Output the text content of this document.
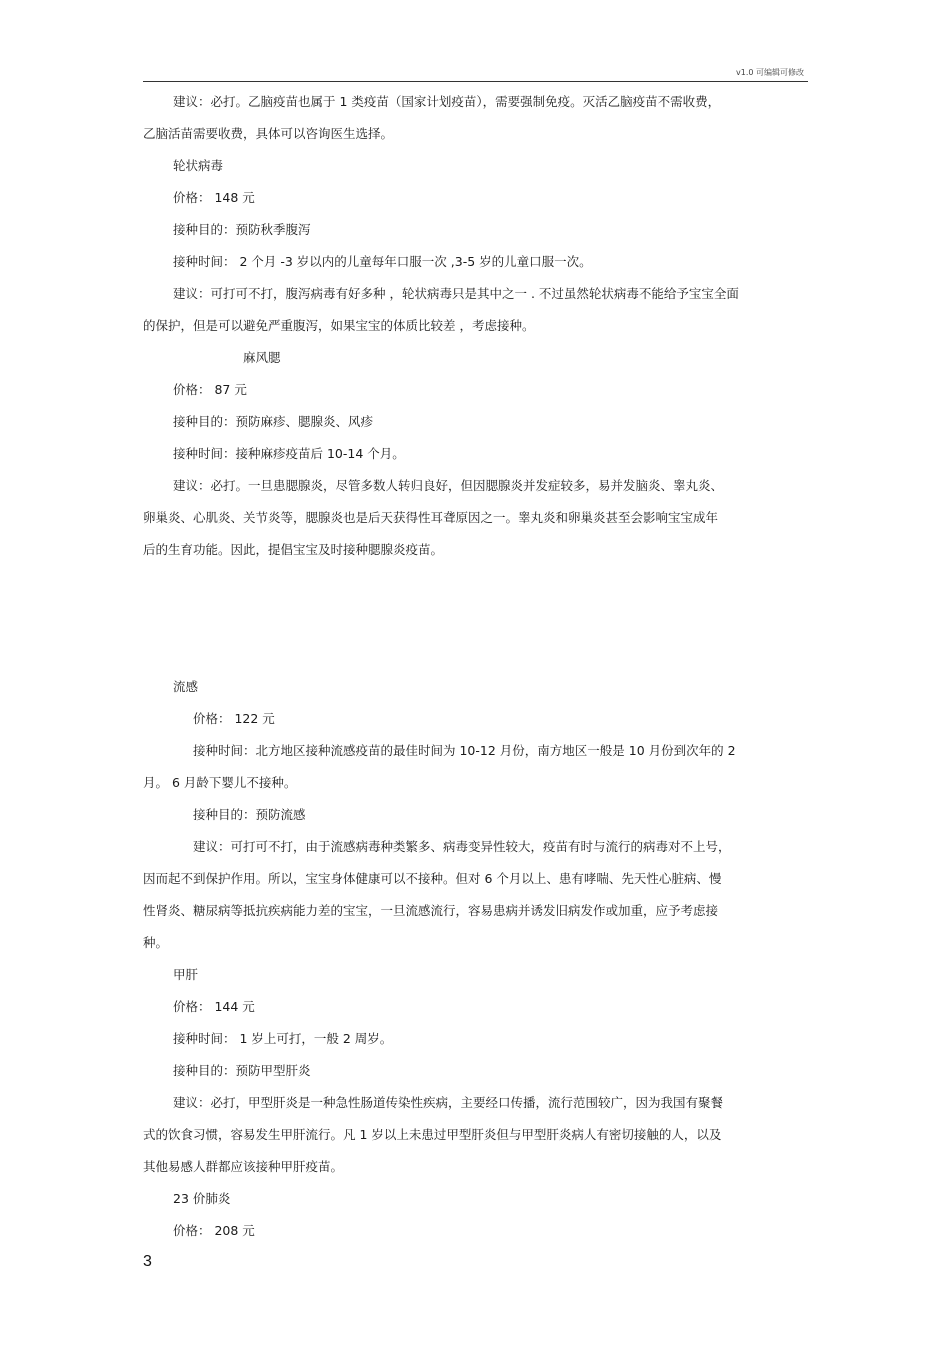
v1.0 可编辑可修改

建议：必打。乙脑疫苗也属于 1 类疫苗（国家计划疫苗），需要强制免疫。灭活乙脑疫苗不需收费，

乙脑活苗需要收费，具体可以咨询医生选择。

轮状病毒

价格： 148 元

接种目的：预防秋季腹泻

接种时间： 2 个月 -3 岁以内的儿童每年口服一次 ,3-5 岁的儿童口服一次。

建议：可打可不打，腹泻病毒有好多种 ，轮状病毒只是其中之一 . 不过虽然轮状病毒不能给予宝宝全面

的保护，但是可以避免严重腹泻，如果宝宝的体质比较差 ，考虑接种。

麻风腮

价格： 87 元

接种目的：预防麻疹、腮腺炎、风疹

接种时间：接种麻疹疫苗后 10-14 个月。

建议：必打。一旦患腮腺炎，尽管多数人转归良好，但因腮腺炎并发症较多，易并发脑炎、睾丸炎、

卵巢炎、心肌炎、关节炎等，腮腺炎也是后天获得性耳聋原因之一。睾丸炎和卵巢炎甚至会影响宝宝成年

后的生育功能。因此，提倡宝宝及时接种腮腺炎疫苗。

流感

价格： 122 元

接种时间：北方地区接种流感疫苗的最佳时间为 10-12 月份，南方地区一般是 10 月份到次年的 2

月。 6 月龄下婴儿不接种。

接种目的：预防流感

建议：可打可不打，由于流感病毒种类繁多、病毒变异性较大，疫苗有时与流行的病毒对不上号，

因而起不到保护作用。所以，宝宝身体健康可以不接种。但对 6 个月以上、患有哮喘、先天性心脏病、慢

性肾炎、糖尿病等抵抗疾病能力差的宝宝，一旦流感流行，容易患病并诱发旧病发作或加重，应予考虑接

种。

甲肝

价格： 144 元

接种时间： 1 岁上可打，一般 2 周岁。

接种目的：预防甲型肝炎

建议：必打，甲型肝炎是一种急性肠道传染性疾病，主要经口传播，流行范围较广，因为我国有聚餐

式的饮食习惯，容易发生甲肝流行。凡 1 岁以上未患过甲型肝炎但与甲型肝炎病人有密切接触的人，以及

其他易感人群都应该接种甲肝疫苗。

23 价肺炎

价格： 208 元

3
